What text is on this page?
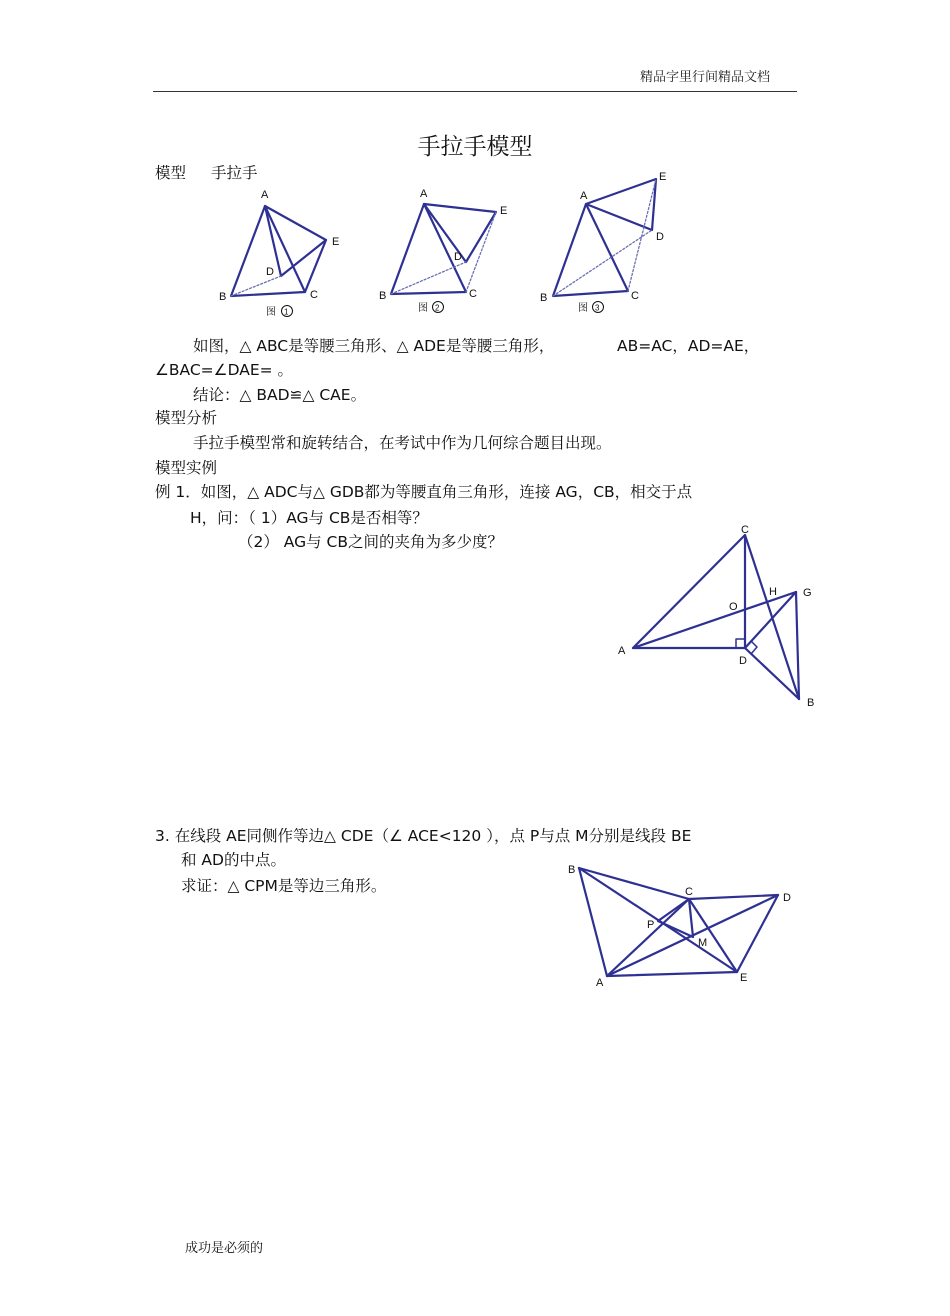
精品字里行间精品文档
手拉手模型
模型 手拉手
A
B	C
D
E
图 1
A
B	C
D
E
图 2
A
B	C
D
E
图 3
如图，△ ABC是等腰三角形、△ ADE是等腰三角形，	AB=AC，AD=AE，
∠BAC=∠DAE= 。
结论：△ BAD≌△ CAE。
模型分析
手拉手模型常和旋转结合，在考试中作为几何综合题目出现。
模型实例
例 1．如图，△ ADC与△ GDB都为等腰直角三角形，连接 AG，CB，相交于点
H，问：（ 1）AG与 CB是否相等？
（2） AG与 CB之间的夹角为多少度？
C
H G
O
A
D
B
3. 在线段 AE同侧作等边△ CDE（∠ ACE<120 ），点 P与点 M分别是线段 BE
和 AD的中点。
求证：△ CPM是等边三角形。
B
C	D
P
M
A	E
成功是必须的
